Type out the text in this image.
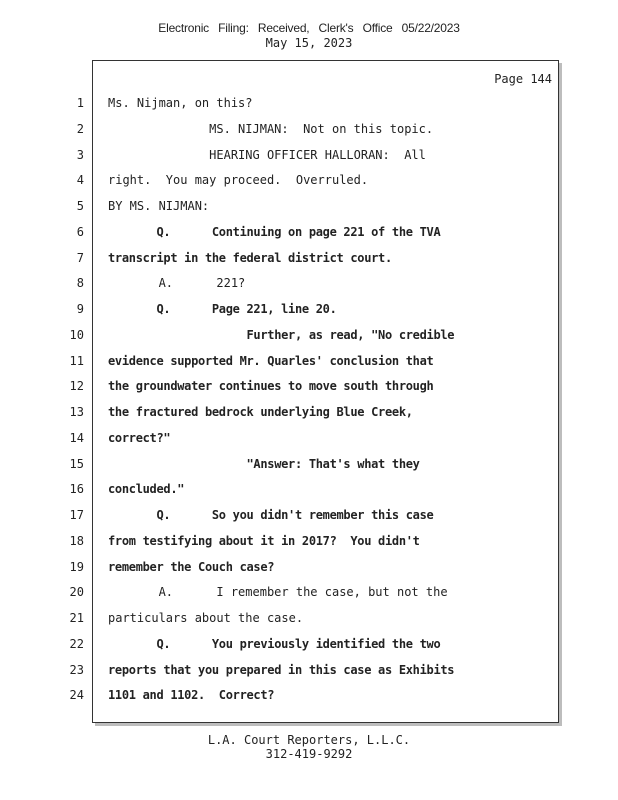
Electronic Filing: Received, Clerk's Office 05/22/2023
May 15, 2023
Page 144
1 Ms. Nijman, on this?
2 MS. NIJMAN:  Not on this topic.
3 HEARING OFFICER HALLORAN:  All
4 right.  You may proceed.  Overruled.
5 BY MS. NIJMAN:
6 Q.      Continuing on page 221 of the TVA
7 transcript in the federal district court.
8 A.      221?
9 Q.      Page 221, line 20.
10 Further, as read, "No credible
11 evidence supported Mr. Quarles' conclusion that
12 the groundwater continues to move south through
13 the fractured bedrock underlying Blue Creek,
14 correct?"
15 "Answer: That's what they
16 concluded."
17 Q.      So you didn't remember this case
18 from testifying about it in 2017?  You didn't
19 remember the Couch case?
20 A.      I remember the case, but not the
21 particulars about the case.
22 Q.      You previously identified the two
23 reports that you prepared in this case as Exhibits
24 1101 and 1102.  Correct?
L.A. Court Reporters, L.L.C.
312-419-9292
